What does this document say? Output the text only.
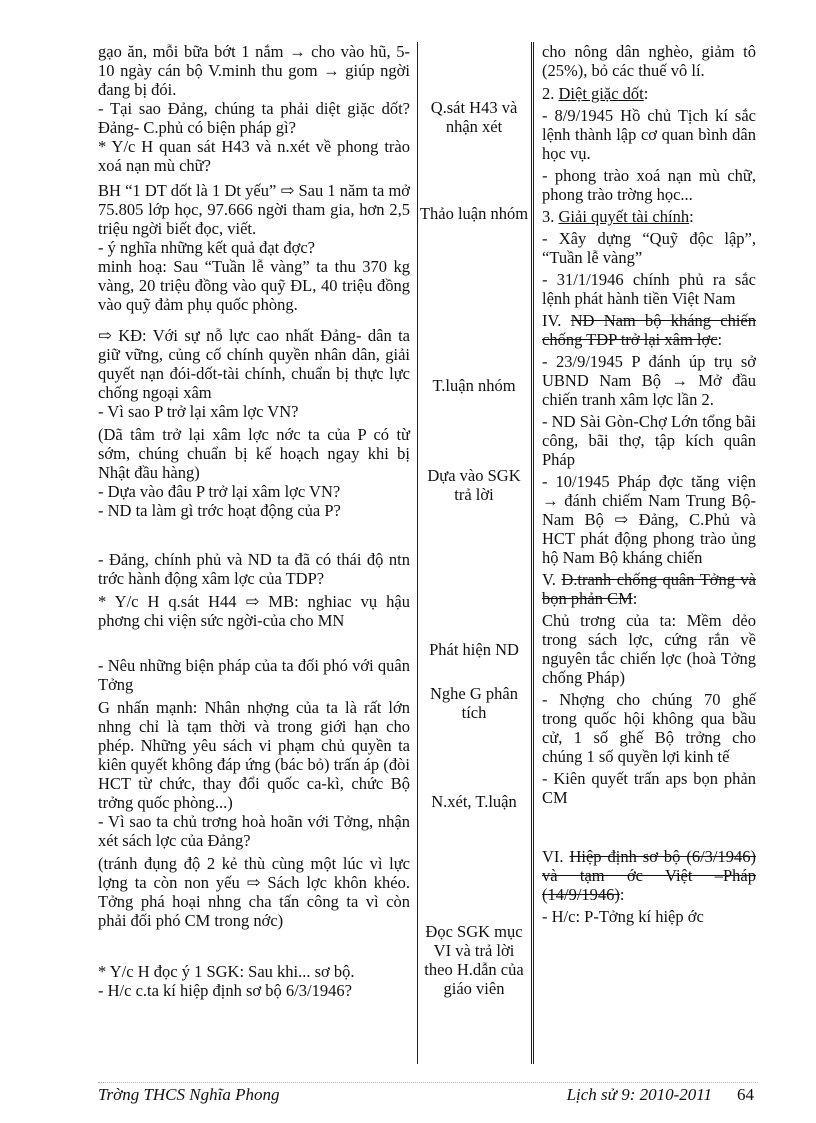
gạo ăn, mỗi bữa bớt 1 nắm → cho vào hũ, 5-10 ngày cán bộ V.minh thu gom → giúp ngời đang bị đói.

- Tại sao Đảng, chúng ta phải diệt giặc dốt? Đảng- C.phủ có biện pháp gì?

* Y/c H quan sát H43 và n.xét về phong trào xoá nạn mù chữ?

BH “1 DT dốt là 1 Dt yếu” ⇨ Sau 1 năm ta mở 75.805 lớp học, 97.666 ngời tham gia, hơn 2,5 triệu ngời biết đọc, viết.

- ý nghĩa những kết quả đạt đợc?

minh hoạ: Sau “Tuần lễ vàng” ta thu 370 kg vàng, 20 triệu đồng vào quỹ ĐL, 40 triệu đồng vào quỹ đảm phụ quốc phòng.

⇨ KĐ: Với sự nỗ lực cao nhất Đảng- dân ta giữ vững, củng cố chính quyền nhân dân, giải quyết nạn đói-dốt-tài chính, chuẩn bị thực lực chống ngoại xâm

- Vì sao P trở lại xâm lợc VN?

(Dã tâm trở lại xâm lợc nớc ta của P có từ sớm, chúng chuẩn bị kế hoạch ngay khi bị Nhật đầu hàng)

- Dựa vào đâu P trở lại xâm lợc VN?

- ND ta làm gì trớc hoạt động của P?

- Đảng, chính phủ và ND ta đã có thái độ ntn trớc hành động xâm lợc của TDP?

* Y/c H q.sát H44 ⇨ MB: nghiac vụ hậu phơng chi viện sức ngời-của cho MN

- Nêu những biện pháp của ta đối phó với quân Tởng

G nhấn mạnh: Nhân nhợng của ta là rất lớn nhng chỉ là tạm thời và trong giới hạn cho phép. Những yêu sách vi phạm chủ quyền ta kiên quyết không đáp ứng (bác bỏ) trấn áp (đòi HCT từ chức, thay đổi quốc ca-kì, chức Bộ trởng quốc phòng...)

- Vì sao ta chủ trơng hoà hoãn với Tởng, nhận xét sách lợc của Đảng?

(tránh đụng độ 2 kẻ thù cùng một lúc vì lực lợng ta còn non yếu ⇨ Sách lợc khôn khéo. Tởng phá hoại nhng cha tấn công ta vì còn phải đối phó CM trong nớc)

* Y/c H đọc ý 1 SGK: Sau khi... sơ bộ.

- H/c c.ta kí hiệp định sơ bộ 6/3/1946?

Q.sát H43 và nhận xét
Thảo luận nhóm
T.luận nhóm
Dựa vào SGK trả lời
Phát hiện ND
Nghe G phân tích
N.xét, T.luận
Đọc SGK mục VI và trả lời theo H.dẫn của giáo viên

cho nông dân nghèo, giảm tô (25%), bỏ các thuế vô lí.

2. Diệt giặc dốt:

- 8/9/1945 Hồ chủ Tịch kí sắc lệnh thành lập cơ quan bình dân học vụ.

- phong trào xoá nạn mù chữ, phong trào trờng học...

3. Giải quyết tài chính:

- Xây dựng “Quỹ độc lập”, “Tuần lễ vàng”

- 31/1/1946 chính phủ ra sắc lệnh phát hành tiền Việt Nam

IV. ND Nam bộ kháng chiến chống TDP trở lại xâm lợc:

- 23/9/1945 P đánh úp trụ sở UBND Nam Bộ → Mở đầu chiến tranh xâm lợc lần 2.

- ND Sài Gòn-Chợ Lớn tổng bãi công, bãi thợ, tập kích quân Pháp

- 10/1945 Pháp đợc tăng viện → đánh chiếm Nam Trung Bộ- Nam Bộ ⇨ Đảng, C.Phủ và HCT phát động phong trào ủng hộ Nam Bộ kháng chiến

V. Đ.tranh chống quân Tởng và bọn phản CM:

Chủ trơng của ta: Mềm dẻo trong sách lợc, cứng rắn về nguyên tắc chiến lợc (hoà Tởng chống Pháp)

- Nhợng cho chúng 70 ghế trong quốc hội không qua bầu cử, 1 số ghế Bộ trởng cho chúng 1 số quyền lợi kinh tế

- Kiên quyết trấn aps bọn phản CM

VI. Hiệp định sơ bộ (6/3/1946) và tạm ớc Việt –Pháp (14/9/1946):

- H/c: P-Tởng kí hiệp ớc

Trờng THCS Nghĩa Phong	Lịch sử 9: 2010-2011 64
